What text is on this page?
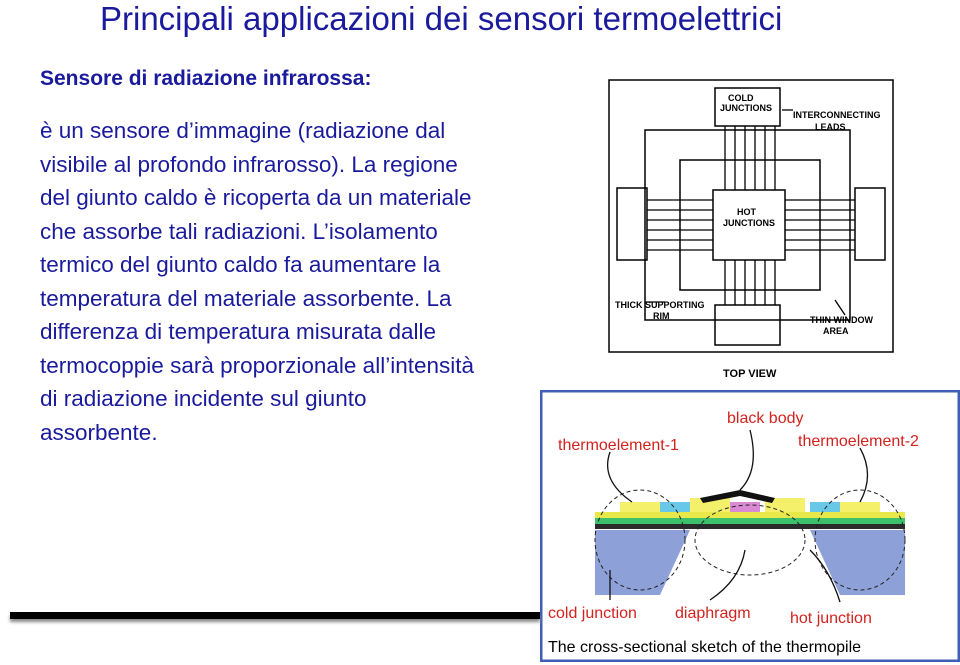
Principali applicazioni dei sensori termoelettrici
Sensore di radiazione infrarossa:
è un sensore d’immagine (radiazione dal
visibile al profondo infrarosso). La regione
del giunto caldo è ricoperta da un materiale
che assorbe tali radiazioni. L’isolamento
termico del giunto caldo fa aumentare la
temperatura del materiale assorbente. La
differenza di temperatura misurata dalle
termocoppie sarà proporzionale all’intensità
di radiazione incidente sul giunto
assorbente.
COLD
JUNCTIONS
INTERCONNECTING
LEADS
HOT
JUNCTIONS
THICK SUPPORTING
RIM	THIN WINDOW
AREA
TOP VIEW
black body
thermoelement-1	thermoelement-2
cold junction diaphragm hot junction
The cross-sectional sketch of the thermopile
